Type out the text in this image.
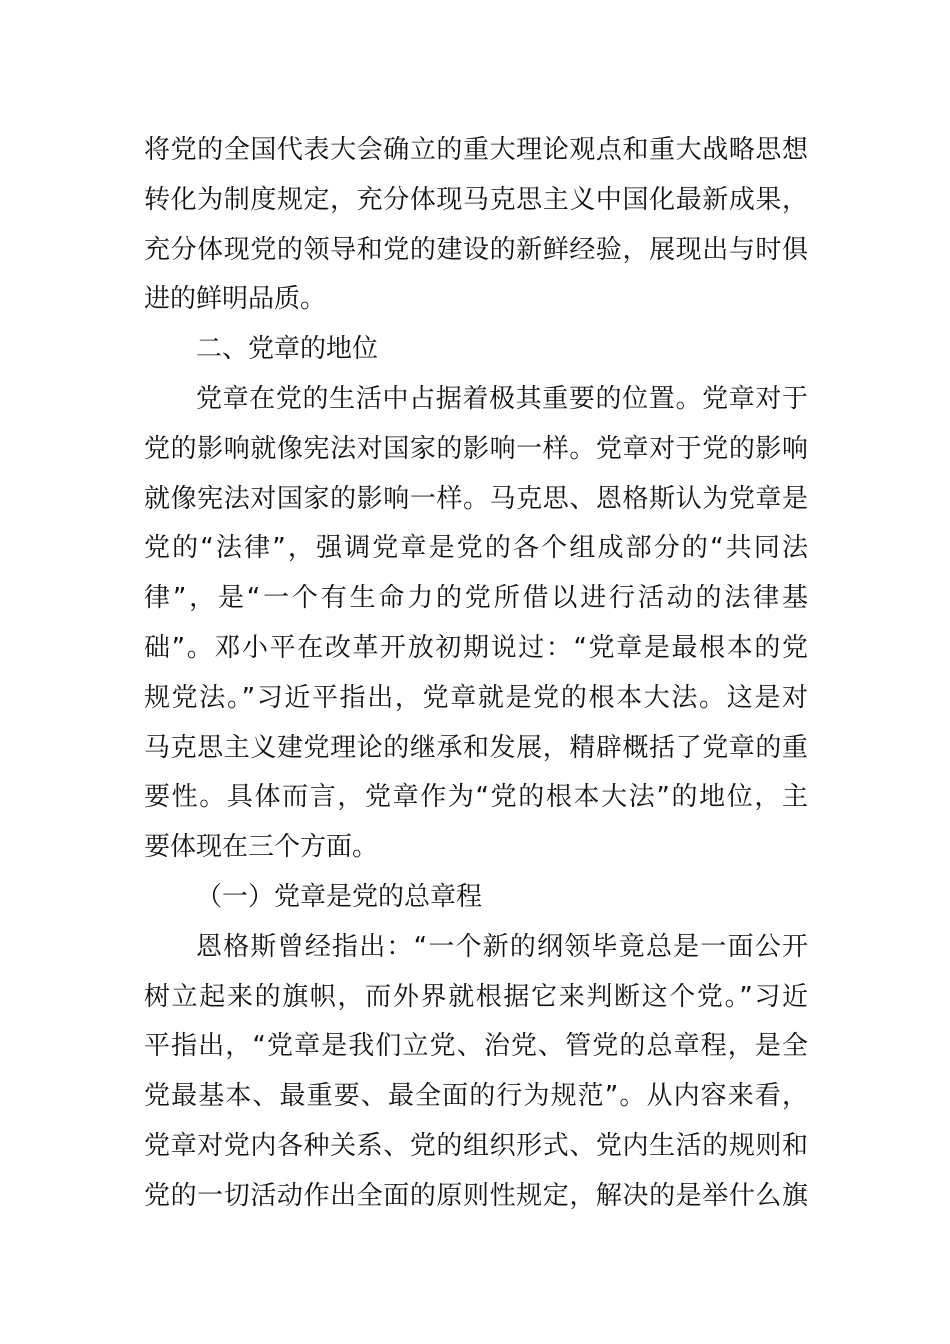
将党的全国代表大会确立的重大理论观点和重大战略思想
转化为制度规定，充分体现马克思主义中国化最新成果，
充分体现党的领导和党的建设的新鲜经验，展现出与时俱
进的鲜明品质。
二、党章的地位
党章在党的生活中占据着极其重要的位置。党章对于
党的影响就像宪法对国家的影响一样。党章对于党的影响
就像宪法对国家的影响一样。马克思、恩格斯认为党章是
党的“法律”，强调党章是党的各个组成部分的“共同法
律”，是“一个有生命力的党所借以进行活动的法律基
础”。邓小平在改革开放初期说过：“党章是最根本的党
规党法。”习近平指出，党章就是党的根本大法。这是对
马克思主义建党理论的继承和发展，精辟概括了党章的重
要性。具体而言，党章作为“党的根本大法”的地位，主
要体现在三个方面。
（一）党章是党的总章程
恩格斯曾经指出：“一个新的纲领毕竟总是一面公开
树立起来的旗帜，而外界就根据它来判断这个党。”习近
平指出，“党章是我们立党、治党、管党的总章程，是全
党最基本、最重要、最全面的行为规范”。从内容来看，
党章对党内各种关系、党的组织形式、党内生活的规则和
党的一切活动作出全面的原则性规定，解决的是举什么旗
